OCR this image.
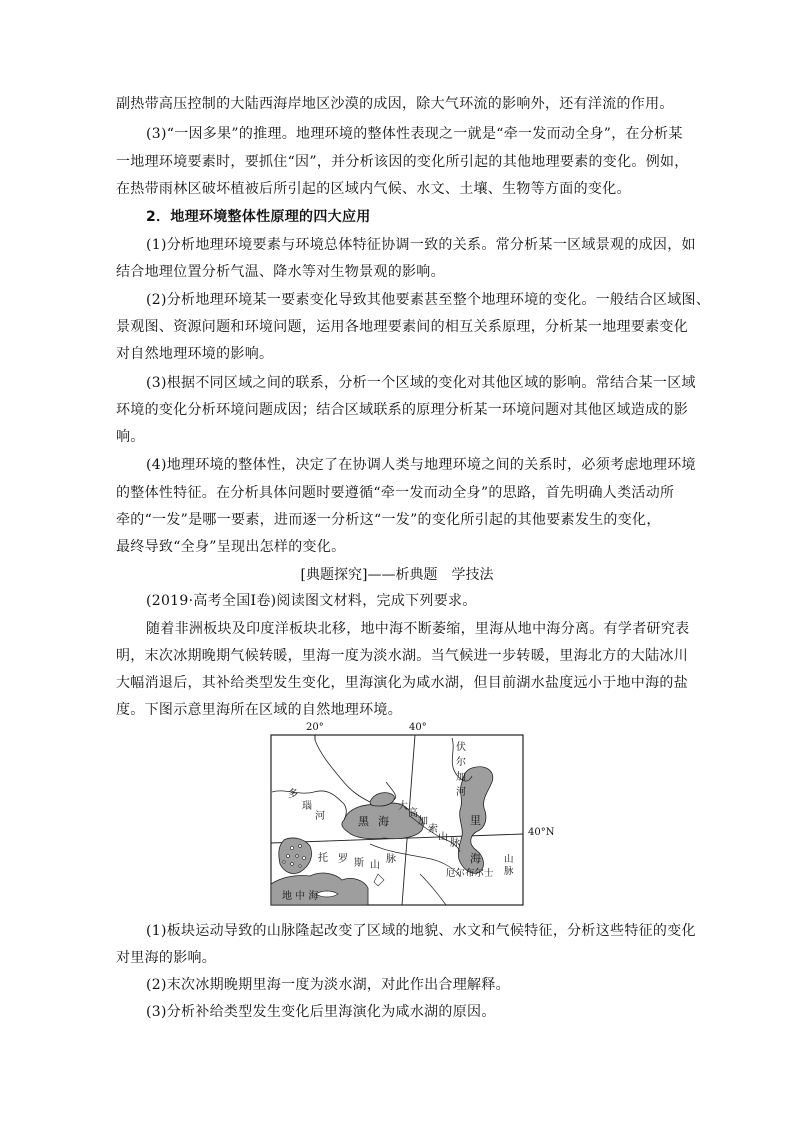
副热带高压控制的大陆西海岸地区沙漠的成因，除大气环流的影响外，还有洋流的作用。
(3)“一因多果”的推理。地理环境的整体性表现之一就是“牵一发而动全身”，在分析某
一地理环境要素时，要抓住“因”，并分析该因的变化所引起的其他地理要素的变化。例如，
在热带雨林区破坏植被后所引起的区域内气候、水文、土壤、生物等方面的变化。
2．地理环境整体性原理的四大应用
(1)分析地理环境要素与环境总体特征协调一致的关系。常分析某一区域景观的成因，如
结合地理位置分析气温、降水等对生物景观的影响。
(2)分析地理环境某一要素变化导致其他要素甚至整个地理环境的变化。一般结合区域图、
景观图、资源问题和环境问题，运用各地理要素间的相互关系原理，分析某一地理要素变化
对自然地理环境的影响。
(3)根据不同区域之间的联系，分析一个区域的变化对其他区域的影响。常结合某一区域
环境的变化分析环境问题成因；结合区域联系的原理分析某一环境问题对其他区域造成的影
响。
(4)地理环境的整体性，决定了在协调人类与地理环境之间的关系时，必须考虑地理环境
的整体性特征。在分析具体问题时要遵循“牵一发而动全身”的思路，首先明确人类活动所
牵的“一发”是哪一要素，进而逐一分析这“一发”的变化所引起的其他要素发生的变化，
最终导致“全身”呈现出怎样的变化。
[典题探究]——析典题　学技法
(2019·高考全国Ⅰ卷)阅读图文材料，完成下列要求。
随着非洲板块及印度洋板块北移，地中海不断萎缩，里海从地中海分离。有学者研究表
明，末次冰期晚期气候转暖，里海一度为淡水湖。当气候进一步转暖，里海北方的大陆冰川
大幅消退后，其补给类型发生变化，里海演化为咸水湖，但目前湖水盐度远小于地中海的盐
度。下图示意里海所在区域的自然地理环境。
伏
尔
加
河
多
瑙
河	黑 海
大
高
加
索
山
脉
里
海
托 罗 斯 山
脉
地 中 海
厄尔布尔士
山
脉
20°	40°
40°N
(1)板块运动导致的山脉隆起改变了区域的地貌、水文和气候特征，分析这些特征的变化
对里海的影响。
(2)末次冰期晚期里海一度为淡水湖，对此作出合理解释。
(3)分析补给类型发生变化后里海演化为咸水湖的原因。
